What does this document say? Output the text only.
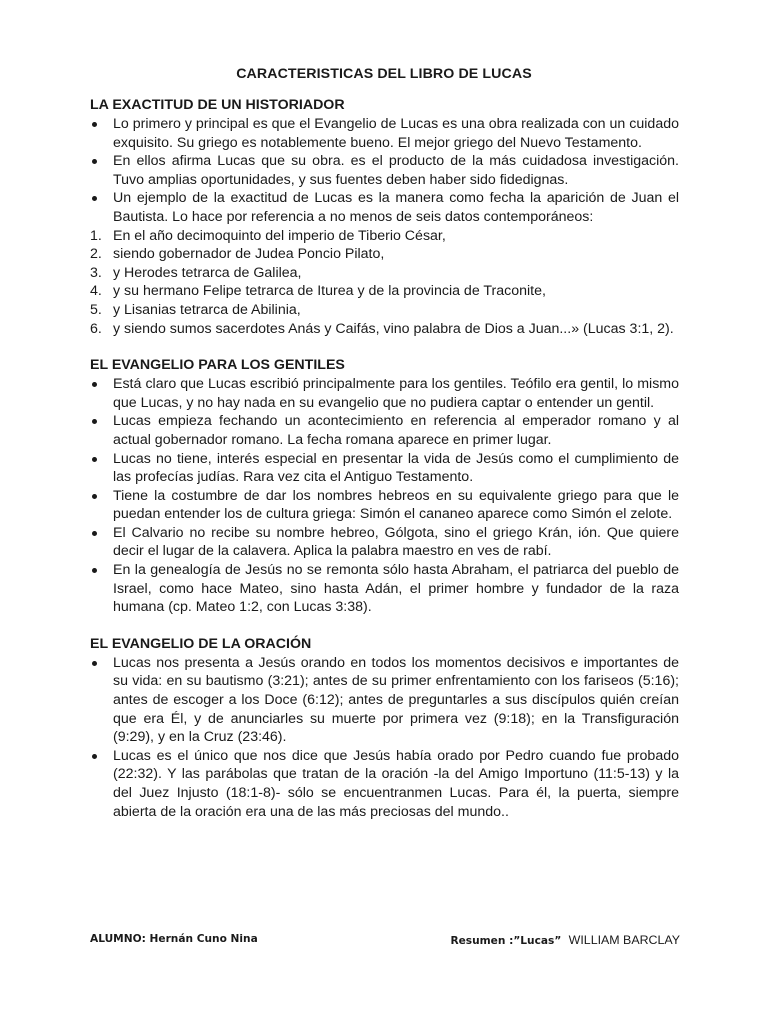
CARACTERISTICAS DEL LIBRO DE LUCAS
LA EXACTITUD DE UN HISTORIADOR
Lo primero y principal es que el Evangelio de Lucas es una obra realizada con un cuidado exquisito. Su griego es notablemente bueno. El mejor griego del Nuevo Testamento.
En ellos afirma Lucas que su obra. es el producto de la más cuidadosa investigación. Tuvo amplias oportunidades, y sus fuentes deben haber sido fidedignas.
Un ejemplo de la exactitud de Lucas es la manera como fecha la aparición de Juan el Bautista. Lo hace por referencia a no menos de seis datos contemporáneos:
1. En el año decimoquinto del imperio de Tiberio César,
2. siendo gobernador de Judea Poncio Pilato,
3. y Herodes tetrarca de Galilea,
4. y su hermano Felipe tetrarca de Iturea y de la provincia de Traconite,
5. y Lisanias tetrarca de Abilinia,
6. y siendo sumos sacerdotes Anás y Caifás, vino palabra de Dios a Juan...» (Lucas 3:1, 2).
EL EVANGELIO PARA LOS GENTILES
Está claro que Lucas escribió principalmente para los gentiles. Teófilo era gentil, lo mismo que Lucas, y no hay nada en su evangelio que no pudiera captar o entender un gentil.
Lucas empieza fechando un acontecimiento en referencia al emperador romano y al actual gobernador romano. La fecha romana aparece en primer lugar.
Lucas no tiene, interés especial en presentar la vida de Jesús como el cumplimiento de las profecías judías. Rara vez cita el Antiguo Testamento.
Tiene la costumbre de dar los nombres hebreos en su equivalente griego para que le puedan entender los de cultura griega: Simón el cananeo aparece como Simón el zelote.
El Calvario no recibe su nombre hebreo, Gólgota, sino el griego Krán, ión. Que quiere decir el lugar de la calavera. Aplica la palabra maestro en ves de rabí.
En la genealogía de Jesús no se remonta sólo hasta Abraham, el patriarca del pueblo de Israel, como hace Mateo, sino hasta Adán, el primer hombre y fundador de la raza humana (cp. Mateo 1:2, con Lucas 3:38).
EL EVANGELIO DE LA ORACIÓN
Lucas nos presenta a Jesús orando en todos los momentos decisivos e importantes de su vida: en su bautismo (3:21); antes de su primer enfrentamiento con los fariseos (5:16); antes de escoger a los Doce (6:12); antes de preguntarles a sus discípulos quién creían que era Él, y de anunciarles su muerte por primera vez (9:18); en la Transfiguración (9:29), y en la Cruz (23:46).
Lucas es el único que nos dice que Jesús había orado por Pedro cuando fue probado (22:32). Y las parábolas que tratan de la oración -la del Amigo Importuno (11:5-13) y la del Juez Injusto (18:1-8)- sólo se encuentranmen Lucas. Para él, la puerta, siempre abierta de la oración era una de las más preciosas del mundo..
ALUMNO: Hernán Cuno Nina	Resumen :”Lucas” WILLIAM BARCLAY
